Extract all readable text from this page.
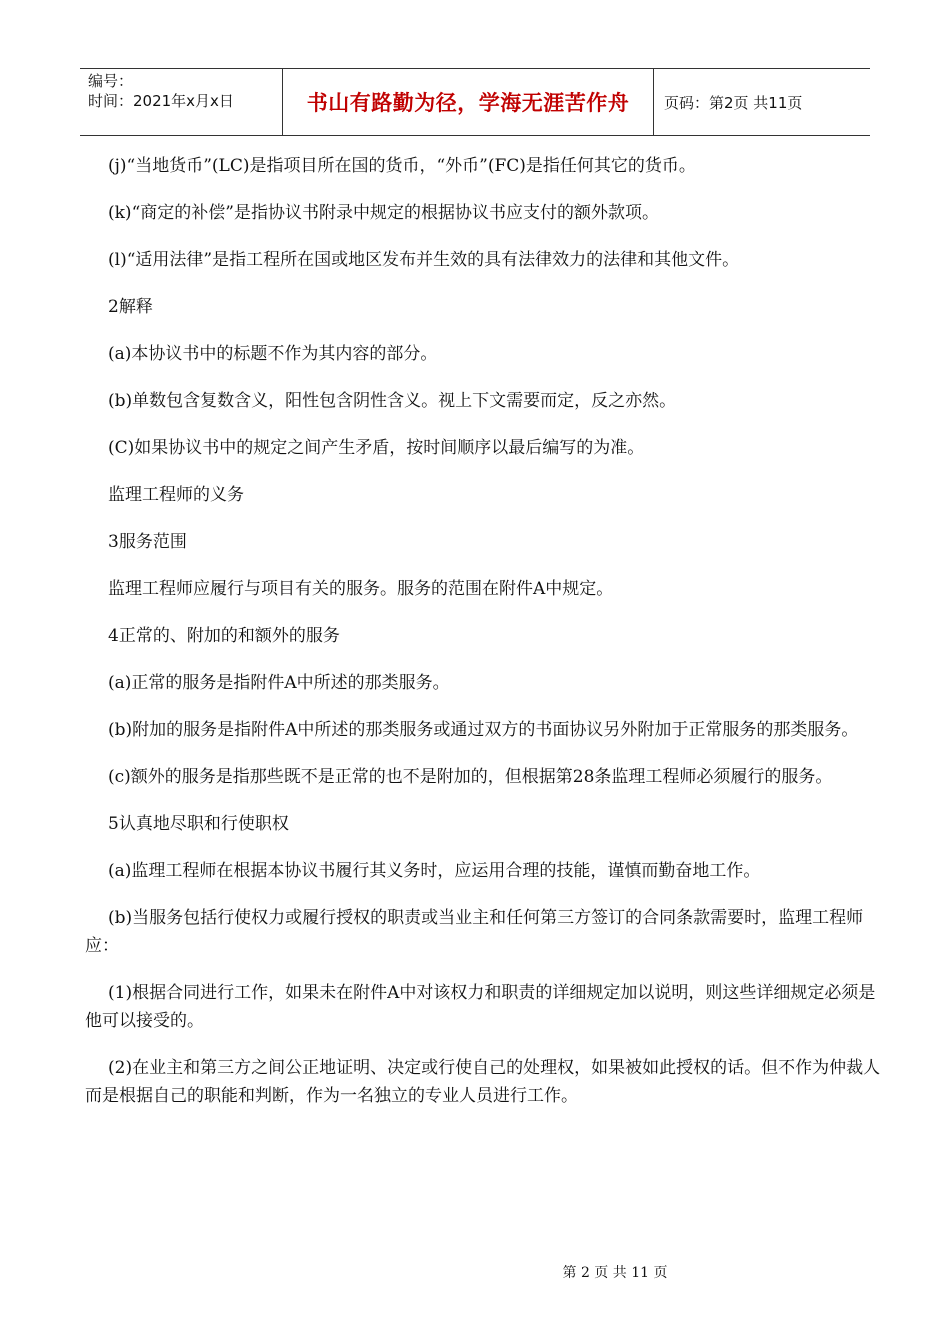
编号：
时间：2021年x月x日	书山有路勤为径，学海无涯苦作舟	页码：第2页 共11页

(j)“当地货币”(LC)是指项目所在国的货币，“外币”(FC)是指任何其它的货币。

(k)“商定的补偿”是指协议书附录中规定的根据协议书应支付的额外款项。

(l)“适用法律”是指工程所在国或地区发布并生效的具有法律效力的法律和其他文件。

2解释

(a)本协议书中的标题不作为其内容的部分。

(b)单数包含复数含义，阳性包含阴性含义。视上下文需要而定，反之亦然。

(C)如果协议书中的规定之间产生矛盾，按时间顺序以最后编写的为准。

监理工程师的义务

3服务范围

监理工程师应履行与项目有关的服务。服务的范围在附件A中规定。

4正常的、附加的和额外的服务

(a)正常的服务是指附件A中所述的那类服务。

(b)附加的服务是指附件A中所述的那类服务或通过双方的书面协议另外附加于正常服务的那类服务。

(c)额外的服务是指那些既不是正常的也不是附加的，但根据第28条监理工程师必须履行的服务。

5认真地尽职和行使职权

(a)监理工程师在根据本协议书履行其义务时，应运用合理的技能，谨慎而勤奋地工作。

(b)当服务包括行使权力或履行授权的职责或当业主和任何第三方签订的合同条款需要时，监理工程师应：

(1)根据合同进行工作，如果未在附件A中对该权力和职责的详细规定加以说明，则这些详细规定必须是他可以接受的。

(2)在业主和第三方之间公正地证明、决定或行使自己的处理权，如果被如此授权的话。但不作为仲裁人而是根据自己的职能和判断，作为一名独立的专业人员进行工作。

第 2 页 共 11 页
